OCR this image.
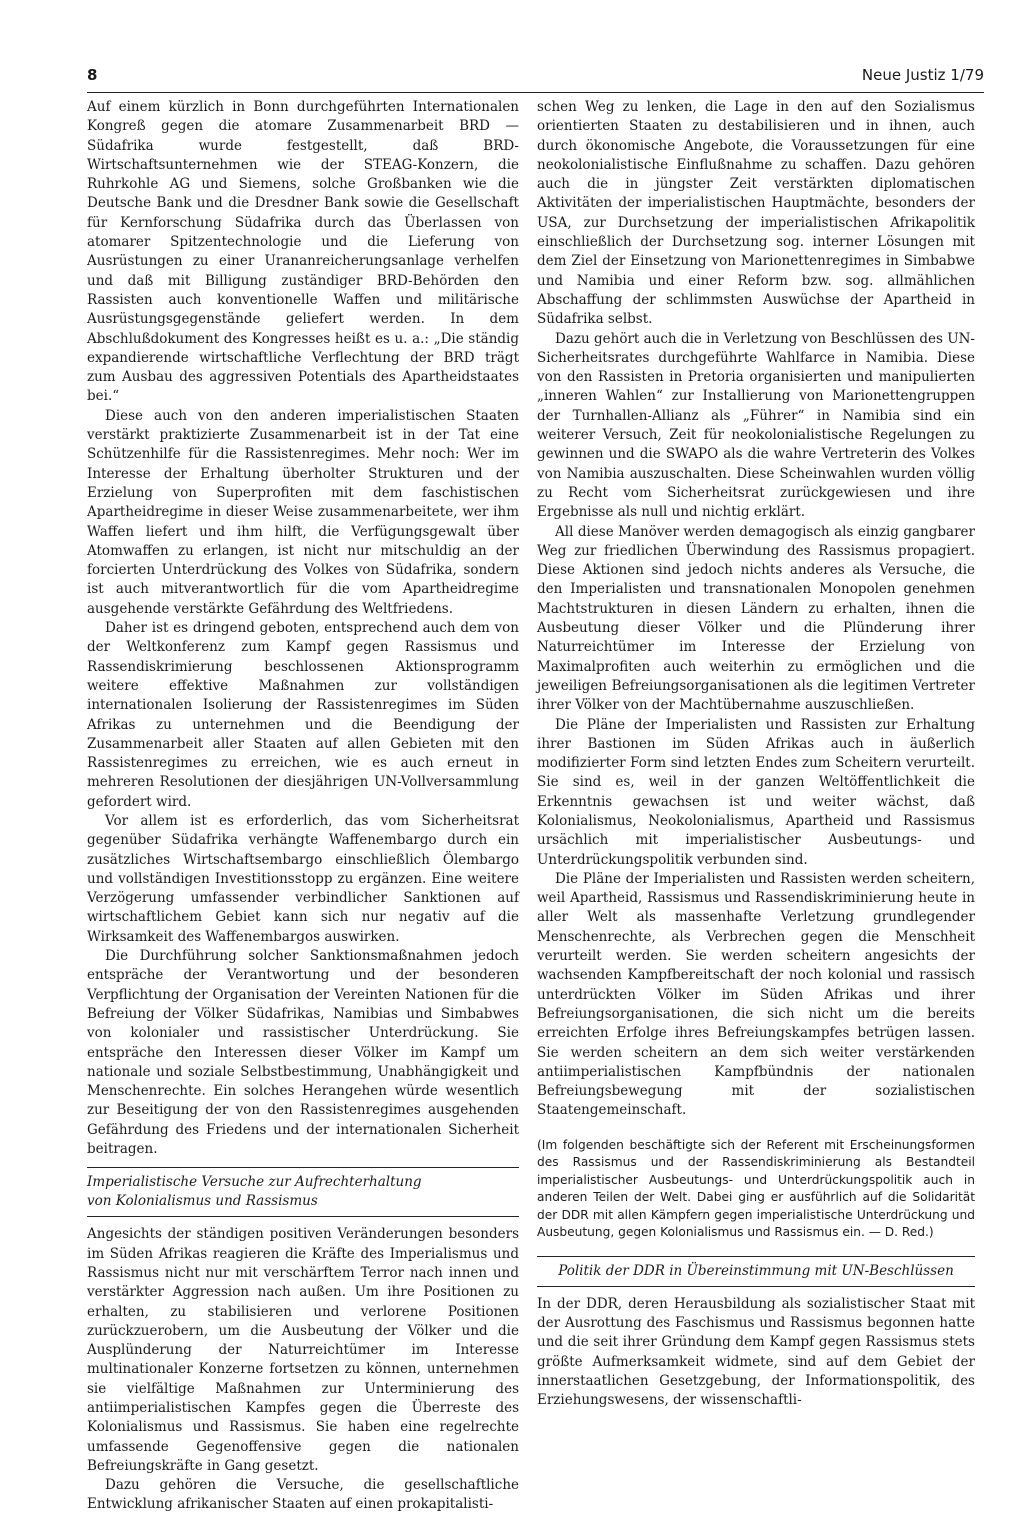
8	Neue Justiz 1/79

Auf einem kürzlich in Bonn durchgeführten Internationalen Kongreß gegen die atomare Zusammenarbeit BRD — Südafrika wurde festgestellt, daß BRD-Wirtschaftsunternehmen wie der STEAG-Konzern, die Ruhrkohle AG und Siemens, solche Großbanken wie die Deutsche Bank und die Dresdner Bank sowie die Gesellschaft für Kernforschung Südafrika durch das Überlassen von atomarer Spitzentechnologie und die Lieferung von Ausrüstungen zu einer Urananreicherungsanlage verhelfen und daß mit Billigung zuständiger BRD-Behörden den Rassisten auch konventionelle Waffen und militärische Ausrüstungsgegenstände geliefert werden. In dem Abschlußdokument des Kongresses heißt es u. a.: „Die ständig expandierende wirtschaftliche Verflechtung der BRD trägt zum Ausbau des aggressiven Potentials des Apartheidstaates bei.“

Diese auch von den anderen imperialistischen Staaten verstärkt praktizierte Zusammenarbeit ist in der Tat eine Schützenhilfe für die Rassistenregimes. Mehr noch: Wer im Interesse der Erhaltung überholter Strukturen und der Erzielung von Superprofiten mit dem faschistischen Apartheidregime in dieser Weise zusammenarbeitete, wer ihm Waffen liefert und ihm hilft, die Verfügungsgewalt über Atomwaffen zu erlangen, ist nicht nur mitschuldig an der forcierten Unterdrückung des Volkes von Südafrika, sondern ist auch mitverantwortlich für die vom Apartheidregime ausgehende verstärkte Gefährdung des Weltfriedens.

Daher ist es dringend geboten, entsprechend auch dem von der Weltkonferenz zum Kampf gegen Rassismus und Rassendiskrimierung beschlossenen Aktionsprogramm weitere effektive Maßnahmen zur vollständigen internationalen Isolierung der Rassistenregimes im Süden Afrikas zu unternehmen und die Beendigung der Zusammenarbeit aller Staaten auf allen Gebieten mit den Rassistenregimes zu erreichen, wie es auch erneut in mehreren Resolutionen der diesjährigen UN-Vollversammlung gefordert wird.

Vor allem ist es erforderlich, das vom Sicherheitsrat gegenüber Südafrika verhängte Waffenembargo durch ein zusätzliches Wirtschaftsembargo einschließlich Ölembargo und vollständigen Investitionsstopp zu ergänzen. Eine weitere Verzögerung umfassender verbindlicher Sanktionen auf wirtschaftlichem Gebiet kann sich nur negativ auf die Wirksamkeit des Waffenembargos auswirken.

Die Durchführung solcher Sanktionsmaßnahmen jedoch entspräche der Verantwortung und der besonderen Verpflichtung der Organisation der Vereinten Nationen für die Befreiung der Völker Südafrikas, Namibias und Simbabwes von kolonialer und rassistischer Unterdrückung. Sie entspräche den Interessen dieser Völker im Kampf um nationale und soziale Selbstbestimmung, Unabhängigkeit und Menschenrechte. Ein solches Herangehen würde wesentlich zur Beseitigung der von den Rassistenregimes ausgehenden Gefährdung des Friedens und der internationalen Sicherheit beitragen.

Imperialistische Versuche zur Aufrechterhaltung
von Kolonialismus und Rassismus

Angesichts der ständigen positiven Veränderungen besonders im Süden Afrikas reagieren die Kräfte des Imperialismus und Rassismus nicht nur mit verschärftem Terror nach innen und verstärkter Aggression nach außen. Um ihre Positionen zu erhalten, zu stabilisieren und verlorene Positionen zurückzuerobern, um die Ausbeutung der Völker und die Ausplünderung der Naturreichtümer im Interesse multinationaler Konzerne fortsetzen zu können, unternehmen sie vielfältige Maßnahmen zur Unterminierung des antiimperialistischen Kampfes gegen die Überreste des Kolonialismus und Rassismus. Sie haben eine regelrechte umfassende Gegenoffensive gegen die nationalen Befreiungskräfte in Gang gesetzt.

Dazu gehören die Versuche, die gesellschaftliche Entwicklung afrikanischer Staaten auf einen prokapitalisti-

schen Weg zu lenken, die Lage in den auf den Sozialismus orientierten Staaten zu destabilisieren und in ihnen, auch durch ökonomische Angebote, die Voraussetzungen für eine neokolonialistische Einflußnahme zu schaffen. Dazu gehören auch die in jüngster Zeit verstärkten diplomatischen Aktivitäten der imperialistischen Hauptmächte, besonders der USA, zur Durchsetzung der imperialistischen Afrikapolitik einschließlich der Durchsetzung sog. interner Lösungen mit dem Ziel der Einsetzung von Marionettenregimes in Simbabwe und Namibia und einer Reform bzw. sog. allmählichen Abschaffung der schlimmsten Auswüchse der Apartheid in Südafrika selbst.

Dazu gehört auch die in Verletzung von Beschlüssen des UN-Sicherheitsrates durchgeführte Wahlfarce in Namibia. Diese von den Rassisten in Pretoria organisierten und manipulierten „inneren Wahlen“ zur Installierung von Marionettengruppen der Turnhallen-Allianz als „Führer“ in Namibia sind ein weiterer Versuch, Zeit für neokolonialistische Regelungen zu gewinnen und die SWAPO als die wahre Vertreterin des Volkes von Namibia auszuschalten. Diese Scheinwahlen wurden völlig zu Recht vom Sicherheitsrat zurückgewiesen und ihre Ergebnisse als null und nichtig erklärt.

All diese Manöver werden demagogisch als einzig gangbarer Weg zur friedlichen Überwindung des Rassismus propagiert. Diese Aktionen sind jedoch nichts anderes als Versuche, die den Imperialisten und transnationalen Monopolen genehmen Machtstrukturen in diesen Ländern zu erhalten, ihnen die Ausbeutung dieser Völker und die Plünderung ihrer Naturreichtümer im Interesse der Erzielung von Maximalprofiten auch weiterhin zu ermöglichen und die jeweiligen Befreiungsorganisationen als die legitimen Vertreter ihrer Völker von der Machtübernahme auszuschließen.

Die Pläne der Imperialisten und Rassisten zur Erhaltung ihrer Bastionen im Süden Afrikas auch in äußerlich modifizierter Form sind letzten Endes zum Scheitern verurteilt. Sie sind es, weil in der ganzen Weltöffentlichkeit die Erkenntnis gewachsen ist und weiter wächst, daß Kolonialismus, Neokolonialismus, Apartheid und Rassismus ursächlich mit imperialistischer Ausbeutungs- und Unterdrückungspolitik verbunden sind.

Die Pläne der Imperialisten und Rassisten werden scheitern, weil Apartheid, Rassismus und Rassendiskriminierung heute in aller Welt als massenhafte Verletzung grundlegender Menschenrechte, als Verbrechen gegen die Menschheit verurteilt werden. Sie werden scheitern angesichts der wachsenden Kampfbereitschaft der noch kolonial und rassisch unterdrückten Völker im Süden Afrikas und ihrer Befreiungsorganisationen, die sich nicht um die bereits erreichten Erfolge ihres Befreiungskampfes betrügen lassen. Sie werden scheitern an dem sich weiter verstärkenden antiimperialistischen Kampfbündnis der nationalen Befreiungsbewegung mit der sozialistischen Staatengemeinschaft.

(Im folgenden beschäftigte sich der Referent mit Erscheinungsformen des Rassismus und der Rassendiskriminierung als Bestandteil imperialistischer Ausbeutungs- und Unterdrückungspolitik auch in anderen Teilen der Welt. Dabei ging er ausführlich auf die Solidarität der DDR mit allen Kämpfern gegen imperialistische Unterdrückung und Ausbeutung, gegen Kolonialismus und Rassismus ein. — D. Red.)
Politik der DDR in Übereinstimmung mit UN-Beschlüssen

In der DDR, deren Herausbildung als sozialistischer Staat mit der Ausrottung des Faschismus und Rassismus begonnen hatte und die seit ihrer Gründung dem Kampf gegen Rassismus stets größte Aufmerksamkeit widmete, sind auf dem Gebiet der innerstaatlichen Gesetzgebung, der Informationspolitik, des Erziehungswesens, der wissenschaftli-
